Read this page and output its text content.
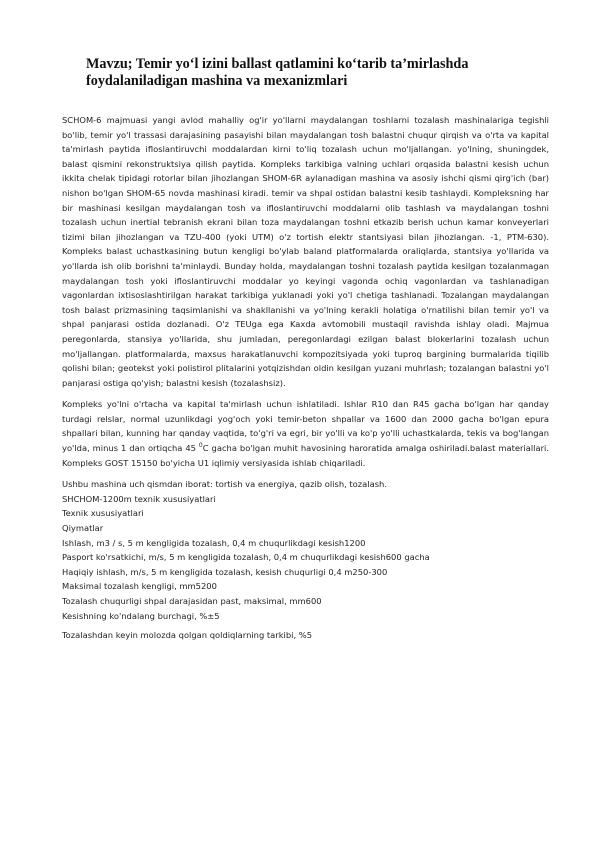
Mavzu; Temir yo‘l izini ballast qatlamini ko‘tarib ta’mirlashda
foydalaniladigan mashina va mexanizmlari

SCHOM-6 majmuasi yangi avlod mahalliy og'ir yo'llarni maydalangan toshlarni tozalash mashinalariga tegishli bo'lib, temir yo'l trassasi darajasining pasayishi bilan maydalangan tosh balastni chuqur qirqish va o'rta va kapital ta'mirlash paytida ifloslantiruvchi moddalardan kirni to'liq tozalash uchun mo'ljallangan. yo'lning, shuningdek, balast qismini rekonstruktsiya qilish paytida. Kompleks tarkibiga valning uchlari orqasida balastni kesish uchun ikkita chelak tipidagi rotorlar bilan jihozlangan SHOM-6R aylanadigan mashina va asosiy ishchi qismi qirg'ich (bar) nishon bo'lgan SHOM-65 novda mashinasi kiradi. temir va shpal ostidan balastni kesib tashlaydi. Kompleksning har bir mashinasi kesilgan maydalangan tosh va ifloslantiruvchi moddalarni olib tashlash va maydalangan toshni tozalash uchun inertial tebranish ekrani bilan toza maydalangan toshni etkazib berish uchun kamar konveyerlari tizimi bilan jihozlangan va TZU-400 (yoki UTM) o'z tortish elektr stantsiyasi bilan jihozlangan. -1, PTM-630). Kompleks balast uchastkasining butun kengligi bo'ylab baland platformalarda oraliqlarda, stantsiya yo'llarida va yo'llarda ish olib borishni ta'minlaydi. Bunday holda, maydalangan toshni tozalash paytida kesilgan tozalanmagan maydalangan tosh yoki ifloslantiruvchi moddalar yo keyingi vagonda ochiq vagonlardan va tashlanadigan vagonlardan ixtisoslashtirilgan harakat tarkibiga yuklanadi yoki yo'l chetiga tashlanadi. Tozalangan maydalangan tosh balast prizmasining taqsimlanishi va shakllanishi va yo'lning kerakli holatiga o'rnatilishi bilan temir yo'l va shpal panjarasi ostida dozlanadi. O'z TEUga ega Kaxda avtomobili mustaqil ravishda ishlay oladi. Majmua peregonlarda, stansiya yo'llarida, shu jumladan, peregonlardagi ezilgan balast blokerlarini tozalash uchun mo'ljallangan. platformalarda, maxsus harakatlanuvchi kompozitsiyada yoki tuproq bargining burmalarida tiqilib qolishi bilan; geotekst yoki polistirol plitalarini yotqizishdan oldin kesilgan yuzani muhrlash; tozalangan balastni yo'l panjarasi ostiga qo'yish; balastni kesish (tozalashsiz).

Kompleks yo'lni o'rtacha va kapital ta'mirlash uchun ishlatiladi. Ishlar R10 dan R45 gacha bo'lgan har qanday turdagi relslar, normal uzunlikdagi yog'och yoki temir-beton shpallar va 1600 dan 2000 gacha bo'lgan epura shpallari bilan, kunning har qanday vaqtida, to'g'ri va egri, bir yo'lli va ko'p yo'lli uchastkalarda, tekis va bog'langan yo'lda, minus 1 dan ortiqcha 45 $^0$C gacha bo'lgan muhit havosining haroratida amalga oshiriladi.balast materiallari. Kompleks GOST 15150 bo'yicha U1 iqlimiy versiyasida ishlab chiqariladi.

Ushbu mashina uch qismdan iborat: tortish va energiya, qazib olish, tozalash.
SHCHOM-1200m texnik xususiyatlari
Texnik xususiyatlari
Qiymatlar
Ishlash, m3 / s, 5 m kengligida tozalash, 0,4 m chuqurlikdagi kesish1200
Pasport ko'rsatkichi, m/s, 5 m kengligida tozalash, 0,4 m chuqurlikdagi kesish600 gacha
Haqiqiy ishlash, m/s, 5 m kengligida tozalash, kesish chuqurligi 0,4 m250-300
Maksimal tozalash kengligi, mm5200
Tozalash chuqurligi shpal darajasidan past, maksimal, mm600
Kesishning ko'ndalang burchagi, %±5
Tozalashdan keyin molozda qolgan qoldiqlarning tarkibi, %5
